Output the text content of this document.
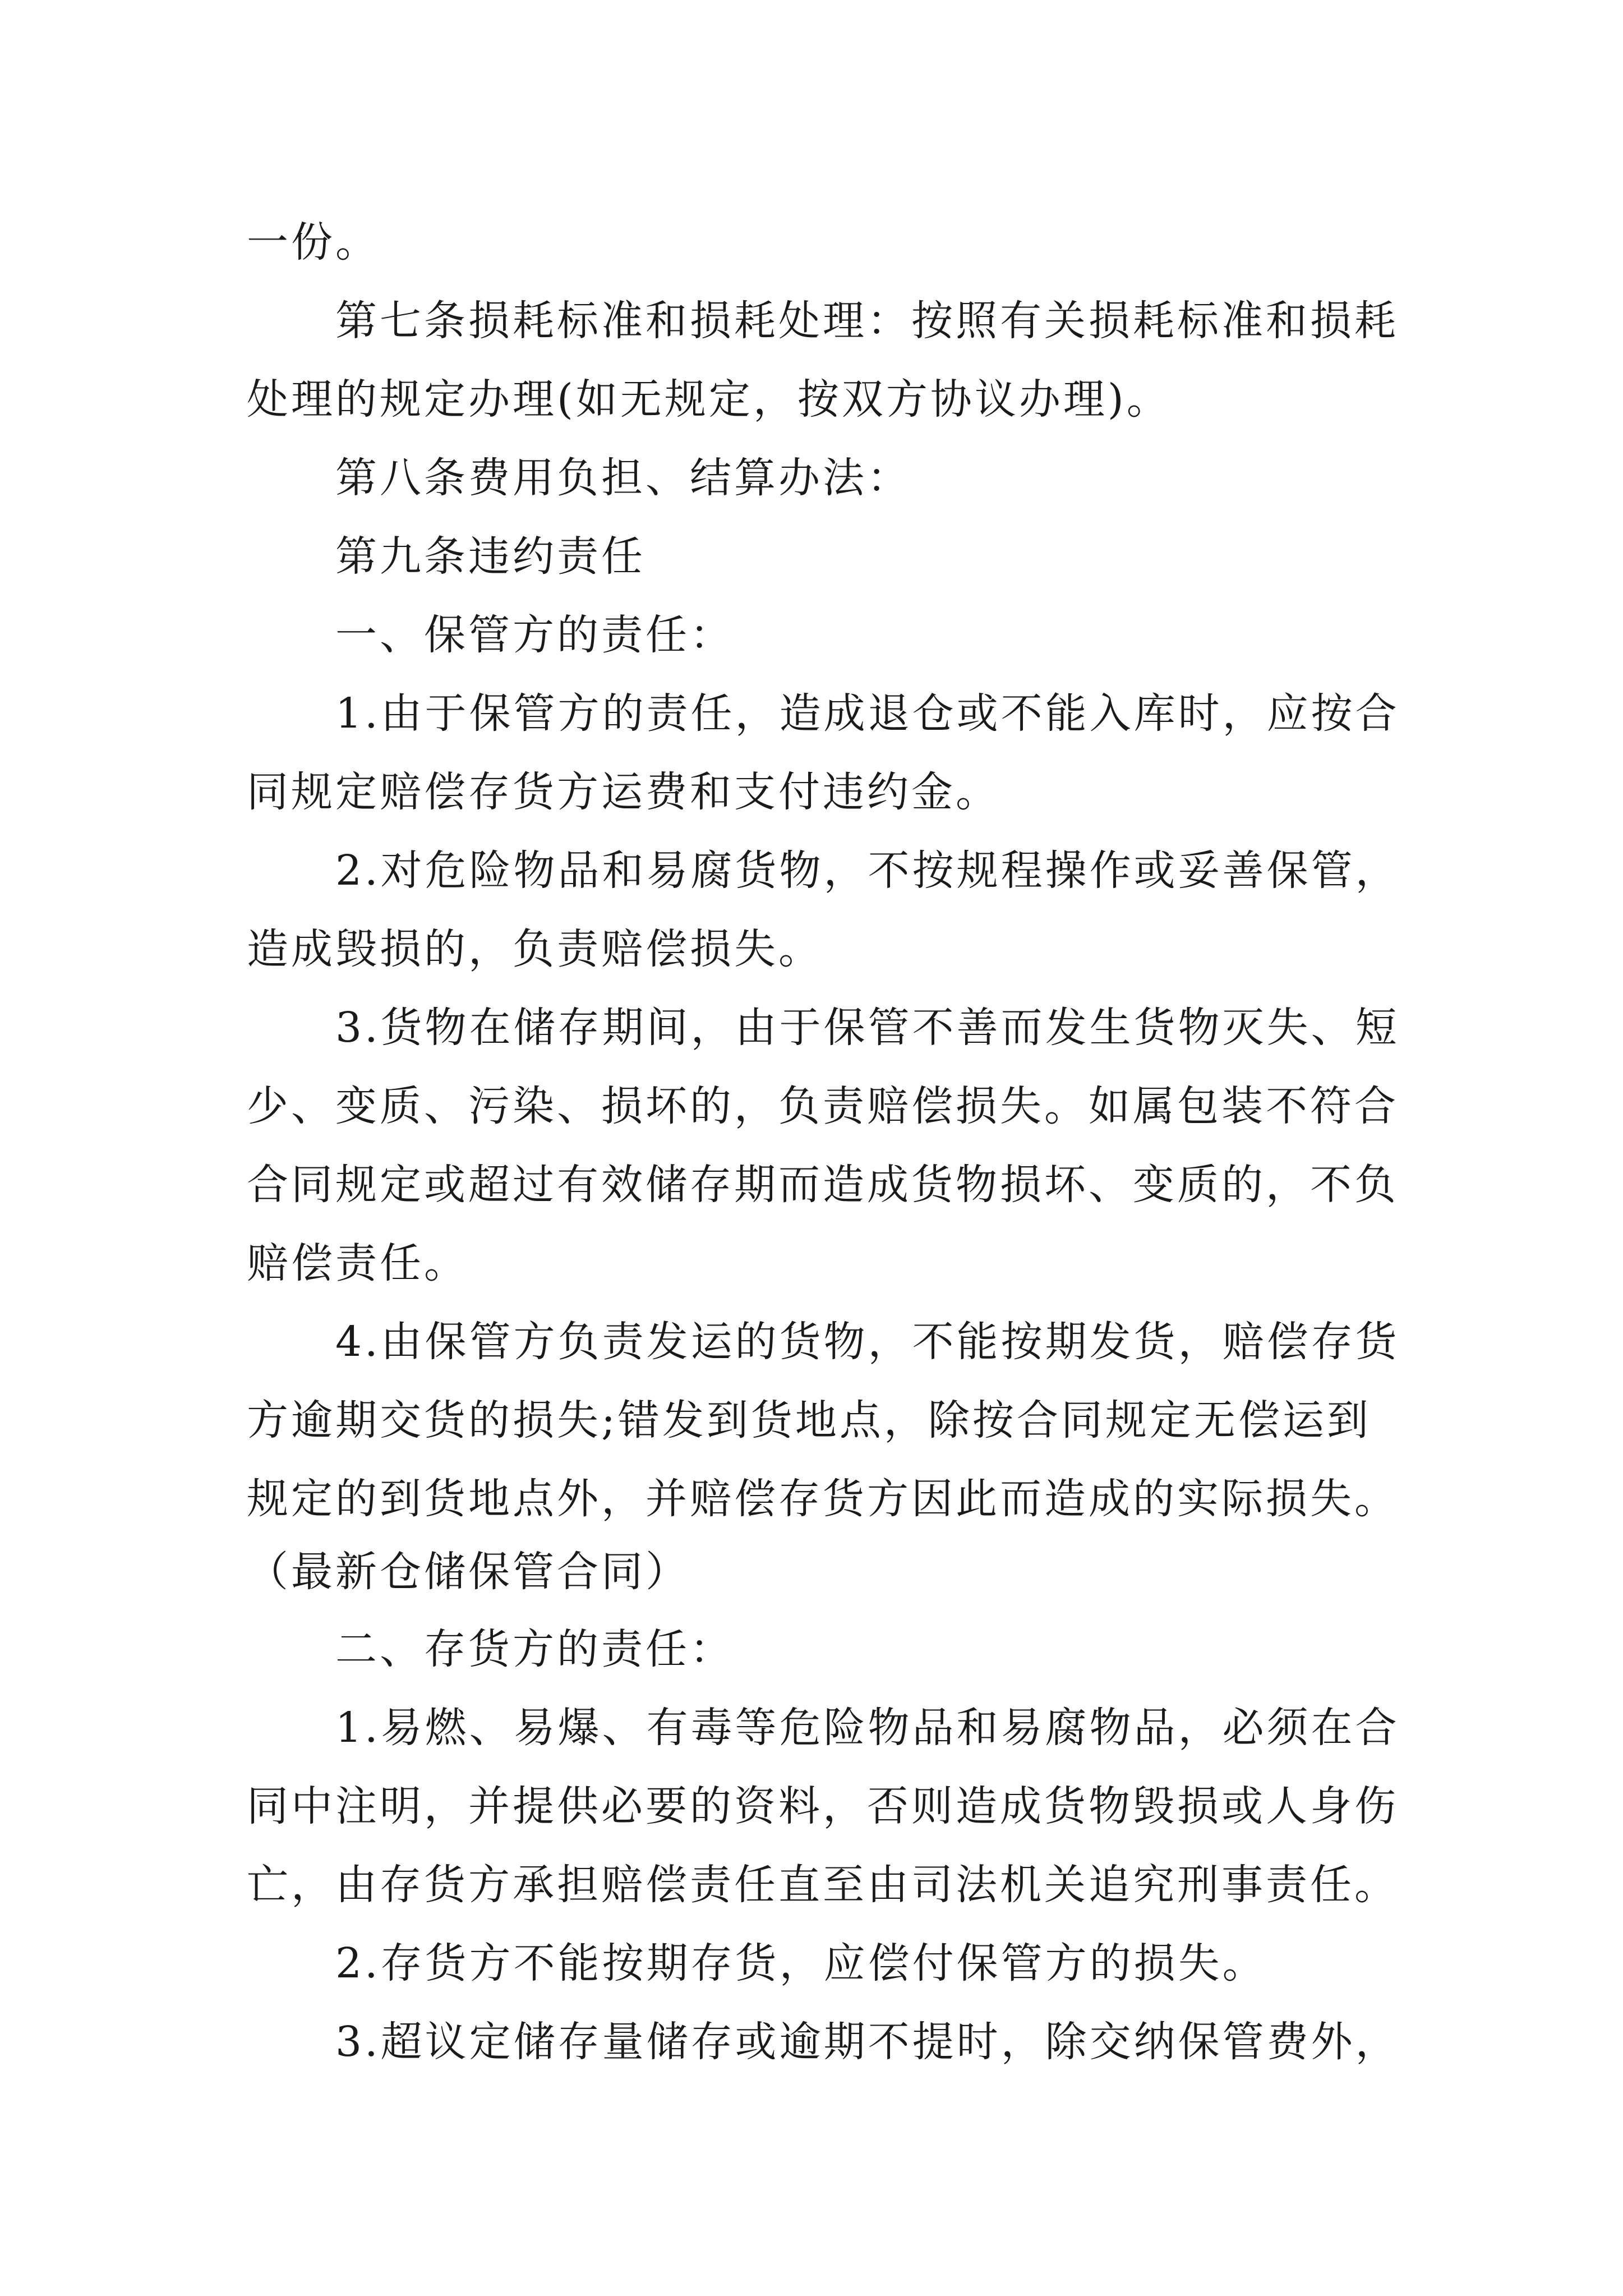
一份。
第七条损耗标准和损耗处理：按照有关损耗标准和损耗
处理的规定办理(如无规定，按双方协议办理)。
第八条费用负担、结算办法：
第九条违约责任
一、保管方的责任：
1.由于保管方的责任，造成退仓或不能入库时，应按合
同规定赔偿存货方运费和支付违约金。
2.对危险物品和易腐货物，不按规程操作或妥善保管，
造成毁损的，负责赔偿损失。
3.货物在储存期间，由于保管不善而发生货物灭失、短
少、变质、污染、损坏的，负责赔偿损失。如属包装不符合
合同规定或超过有效储存期而造成货物损坏、变质的，不负
赔偿责任。
4.由保管方负责发运的货物，不能按期发货，赔偿存货
方逾期交货的损失;错发到货地点，除按合同规定无偿运到
规定的到货地点外，并赔偿存货方因此而造成的实际损失。
（最新仓储保管合同）
二、存货方的责任：
1.易燃、易爆、有毒等危险物品和易腐物品，必须在合
同中注明，并提供必要的资料，否则造成货物毁损或人身伤
亡，由存货方承担赔偿责任直至由司法机关追究刑事责任。
2.存货方不能按期存货，应偿付保管方的损失。
3.超议定储存量储存或逾期不提时，除交纳保管费外，
